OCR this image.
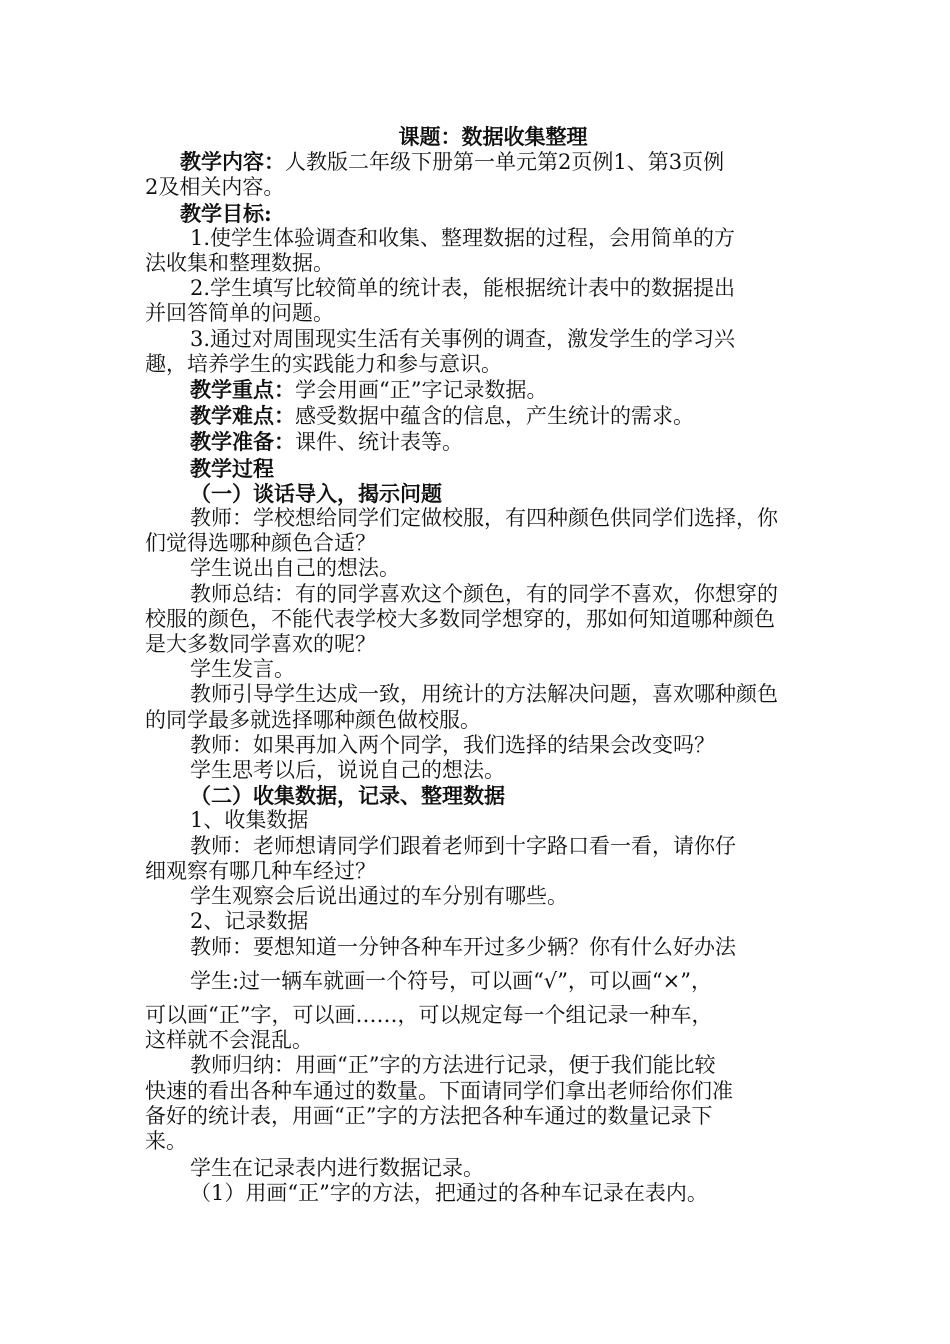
课题：数据收集整理
教学内容：人教版二年级下册第一单元第2页例1、第3页例
2及相关内容。
教学目标:
1.使学生体验调查和收集、整理数据的过程，会用简单的方
法收集和整理数据。
2.学生填写比较简单的统计表，能根据统计表中的数据提出
并回答简单的问题。
3.通过对周围现实生活有关事例的调查，激发学生的学习兴
趣，培养学生的实践能力和参与意识。
教学重点：学会用画“正”字记录数据。
教学难点：感受数据中蕴含的信息，产生统计的需求。
教学准备：课件、统计表等。
教学过程
（一）谈话导入，揭示问题
教师：学校想给同学们定做校服，有四种颜色供同学们选择，你
们觉得选哪种颜色合适？
学生说出自己的想法。
教师总结：有的同学喜欢这个颜色，有的同学不喜欢，你想穿的
校服的颜色，不能代表学校大多数同学想穿的，那如何知道哪种颜色
是大多数同学喜欢的呢？
学生发言。
教师引导学生达成一致，用统计的方法解决问题，喜欢哪种颜色
的同学最多就选择哪种颜色做校服。
教师：如果再加入两个同学，我们选择的结果会改变吗？
学生思考以后，说说自己的想法。
（二）收集数据，记录、整理数据
1、收集数据
教师：老师想请同学们跟着老师到十字路口看一看，请你仔
细观察有哪几种车经过？
学生观察会后说出通过的车分别有哪些。
2、记录数据
教师：要想知道一分钟各种车开过多少辆？你有什么好办法
学生:过一辆车就画一个符号，可以画“√”，可以画“×”，
可以画“正”字，可以画……，可以规定每一个组记录一种车，
这样就不会混乱。
教师归纳：用画“正”字的方法进行记录，便于我们能比较
快速的看出各种车通过的数量。下面请同学们拿出老师给你们准
备好的统计表，用画“正”字的方法把各种车通过的数量记录下
来。
学生在记录表内进行数据记录。
（1）用画“正”字的方法，把通过的各种车记录在表内。
